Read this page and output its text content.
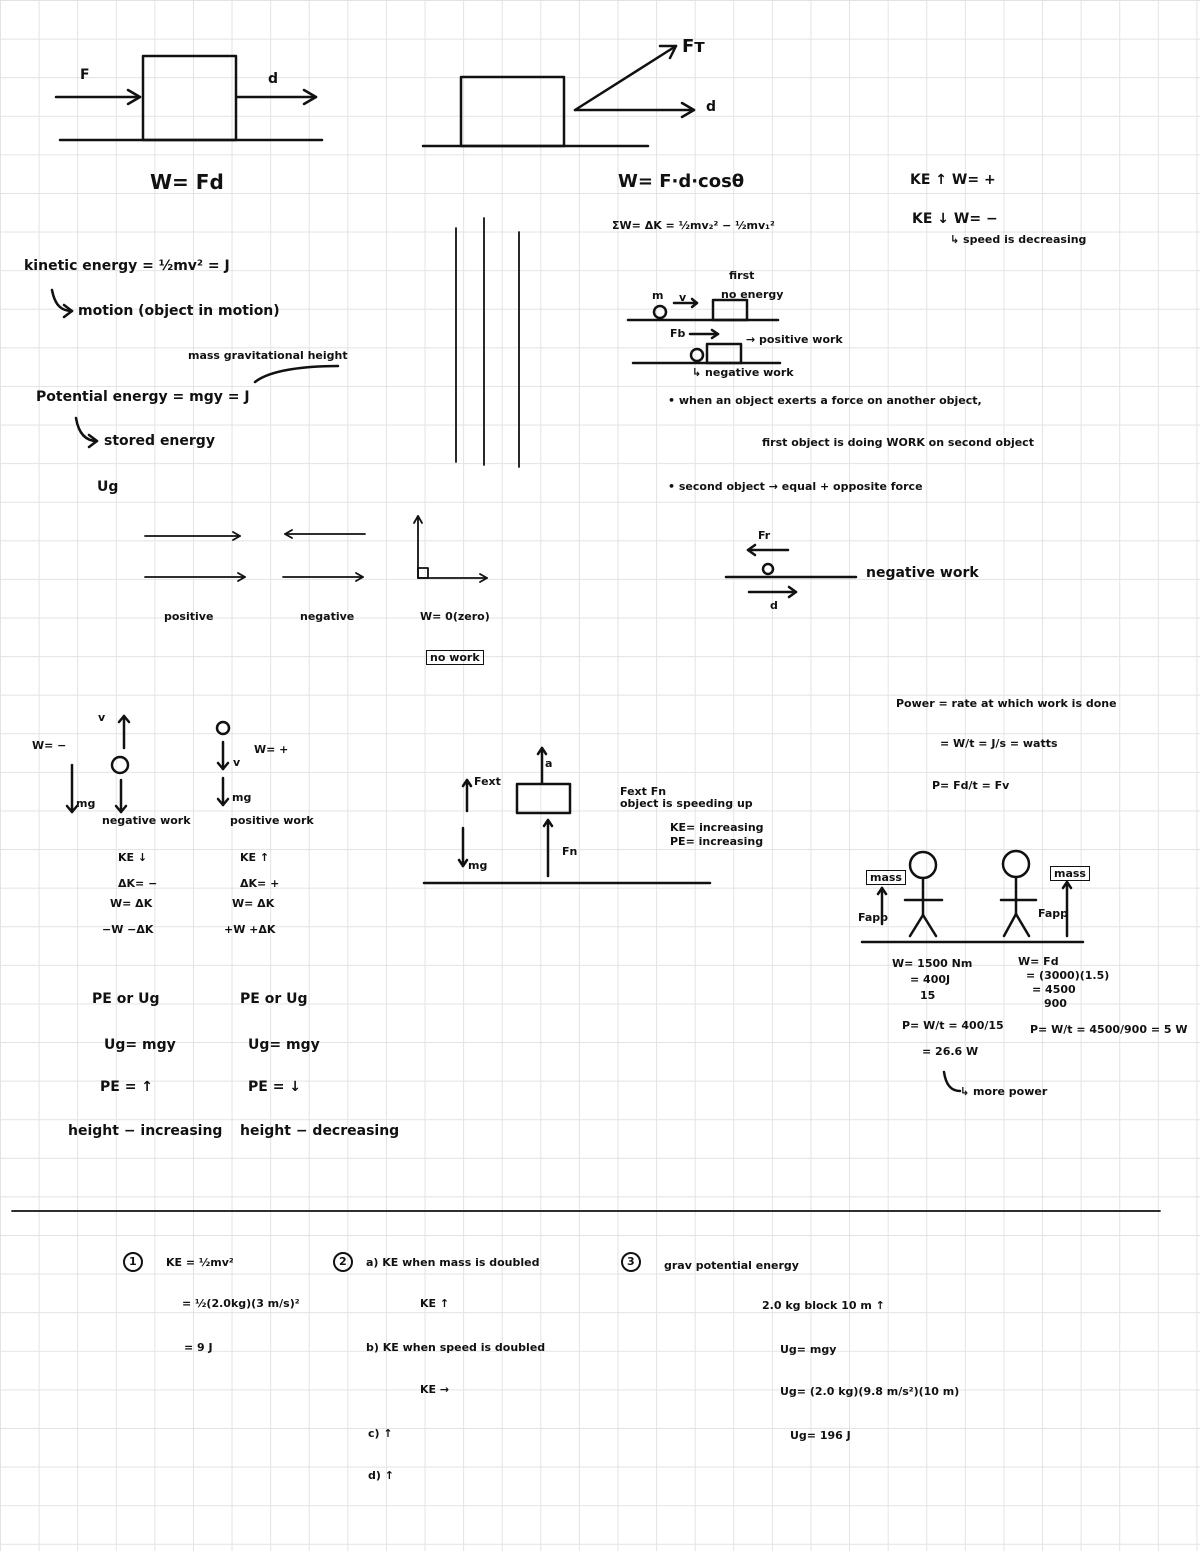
F	d
W= Fd
Fᴛ
d
W= F·d·cosθ
ΣW= ΔK = ½mv₂² − ½mv₁²
KE ↑ W= +
KE ↓ W= −
↳ speed is decreasing
kinetic energy = ½mv² = J
motion (object in motion)
mass gravitational height
Potential energy = mgy = J
stored energy
Ug
first
no energy
m v
Fb	→ positive work
↳ negative work
• when an object exerts a force on another object,
first object is doing WORK on second object
• second object → equal + opposite force
Fr
d
negative work
positive	negative	W= 0(zero)
no work
Power = rate at which work is done
= W/t = J/s = watts
P= Fd/t = Fv
W= −
v
mg
negative work
KE ↓
ΔK= −
W= ΔK
−W −ΔK
W= +
v
mg
positive work
KE ↑
ΔK= +
W= ΔK
+W +ΔK
PE or Ug
Ug= mgy
PE = ↑
height − increasing
PE or Ug
Ug= mgy
PE = ↓
height − decreasing
Fext
a
Fn
mg
Fext Fn
object is speeding up
KE= increasing
PE= increasing
mass	mass
Fapp	Fapp
W= 1500 Nm
= 400J
15
W= Fd
= (3000)(1.5)
= 4500
900
P= W/t = 400/15
= 26.6 W
P= W/t = 4500/900 = 5 W
↳ more power
1	KE = ½mv²
= ½(2.0kg)(3 m/s)²
= 9 J
2 a) KE when mass is doubled
KE ↑
b) KE when speed is doubled
KE →
c) ↑
d) ↑
3	grav potential energy
2.0 kg block 10 m ↑
Ug= mgy
Ug= (2.0 kg)(9.8 m/s²)(10 m)
Ug= 196 J
